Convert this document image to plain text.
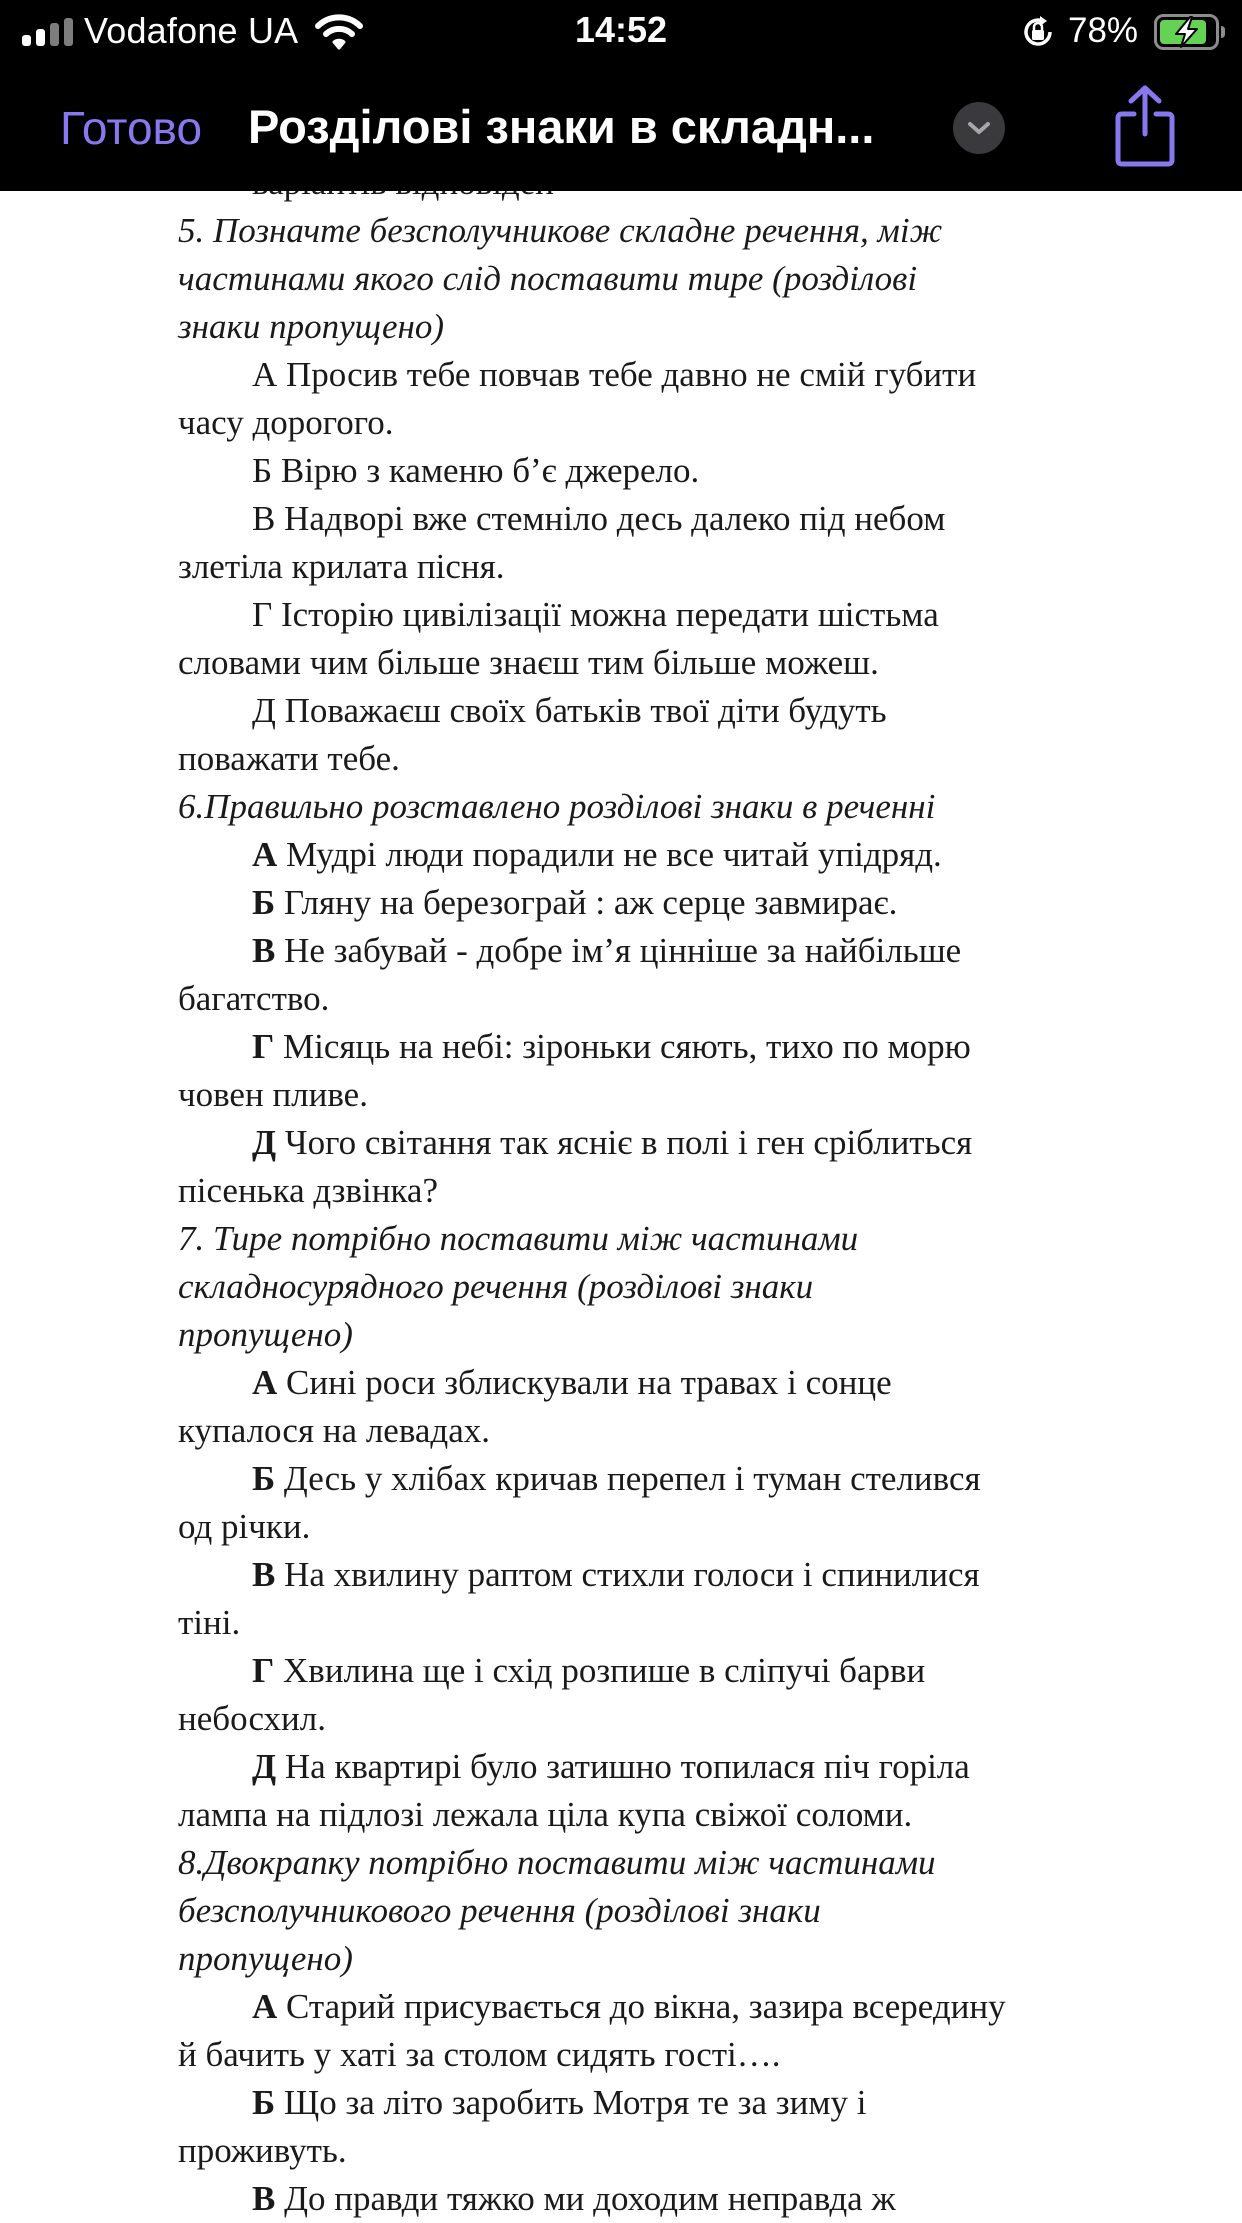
Vodafone UA	14:52	78%
Готово Розділові знаки в складн...

5. Позначте безсполучникове складне речення, між

частинами якого слід поставити тире (розділові

знаки пропущено)

А Просив тебе повчав тебе давно не смій губити

часу дорогого.

Б Вірю з каменю б’є джерело.

В Надворі вже стемніло десь далеко під небом

злетіла крилата пісня.

Г Історію цивілізації можна передати шістьма

словами чим більше знаєш тим більше можеш.

Д Поважаєш своїх батьків твої діти будуть

поважати тебе.

6.Правильно розставлено розділові знаки в реченні

А Мудрі люди порадили не все читай упідряд.

Б Гляну на березограй : аж серце завмирає.

В Не забувай - добре ім’я цінніше за найбільше

багатство.

Г Місяць на небі: зіроньки сяють, тихо по морю

човен пливе.

Д Чого світання так яснiє в полі і ген сріблиться

пісенька дзвінка?

7. Тире потрібно поставити між частинами

складносурядного речення (розділові знаки

пропущено)

А Сині роси зблискували на травах і сонце

купалося на левадах.

Б Десь у хлібах кричав перепел і туман стелився

од річки.

В На хвилину раптом стихли голоси і спинилися

тіні.

Г Хвилина ще і схід розпише в сліпучі барви

небосхил.

Д На квартирі було затишно топилася піч горіла

лампа на підлозі лежала ціла купа свіжої соломи.

8.Двокрапку потрібно поставити між частинами

безсполучникового речення (розділові знаки

пропущено)

А Старий присувається до вікна, зазира всередину

й бачить у хаті за столом сидять гості….

Б Що за літо заробить Мотря те за зиму і

проживуть.

В До правди тяжко ми доходим неправда ж
